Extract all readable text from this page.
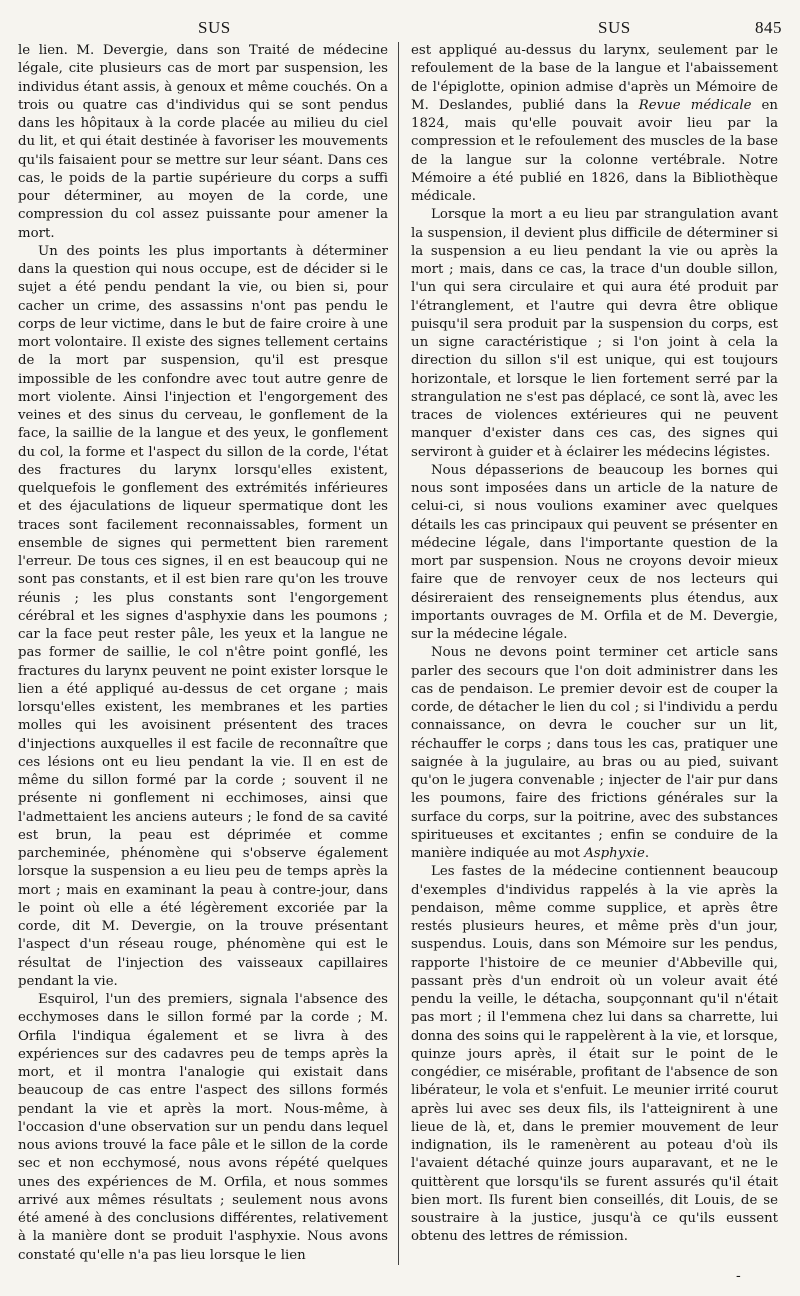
SUS	SUS	845

le lien. M. Devergie, dans son Traité de médecine légale, cite plusieurs cas de mort par suspension, les individus étant assis, à genoux et même couchés. On a trois ou quatre cas d'individus qui se sont pendus dans les hôpitaux à la corde placée au milieu du ciel du lit, et qui était destinée à favoriser les mouvements qu'ils faisaient pour se mettre sur leur séant. Dans ces cas, le poids de la partie supérieure du corps a suffi pour déterminer, au moyen de la corde, une compression du col assez puissante pour amener la mort.

Un des points les plus importants à déterminer dans la question qui nous occupe, est de décider si le sujet a été pendu pendant la vie, ou bien si, pour cacher un crime, des assassins n'ont pas pendu le corps de leur victime, dans le but de faire croire à une mort volontaire. Il existe des signes tellement certains de la mort par suspension, qu'il est presque impossible de les confondre avec tout autre genre de mort violente. Ainsi l'injection et l'engorgement des veines et des sinus du cerveau, le gonflement de la face, la saillie de la langue et des yeux, le gonflement du col, la forme et l'aspect du sillon de la corde, l'état des fractures du larynx lorsqu'elles existent, quelquefois le gonflement des extrémités inférieures et des éjaculations de liqueur spermatique dont les traces sont facilement reconnaissables, forment un ensemble de signes qui permettent bien rarement l'erreur. De tous ces signes, il en est beaucoup qui ne sont pas constants, et il est bien rare qu'on les trouve réunis ; les plus constants sont l'engorgement cérébral et les signes d'asphyxie dans les poumons ; car la face peut rester pâle, les yeux et la langue ne pas former de saillie, le col n'être point gonflé, les fractures du larynx peuvent ne point exister lorsque le lien a été appliqué au-dessus de cet organe ; mais lorsqu'elles existent, les membranes et les parties molles qui les avoisinent présentent des traces d'injections auxquelles il est facile de reconnaître que ces lésions ont eu lieu pendant la vie. Il en est de même du sillon formé par la corde ; souvent il ne présente ni gonflement ni ecchimoses, ainsi que l'admettaient les anciens auteurs ; le fond de sa cavité est brun, la peau est déprimée et comme parcheminée, phénomène qui s'observe également lorsque la suspension a eu lieu peu de temps après la mort ; mais en examinant la peau à contre-jour, dans le point où elle a été légèrement excoriée par la corde, dit M. Devergie, on la trouve présentant l'aspect d'un réseau rouge, phénomène qui est le résultat de l'injection des vaisseaux capillaires pendant la vie.

Esquirol, l'un des premiers, signala l'absence des ecchymoses dans le sillon formé par la corde ; M. Orfila l'indiqua également et se livra à des expériences sur des cadavres peu de temps après la mort, et il montra l'analogie qui existait dans beaucoup de cas entre l'aspect des sillons formés pendant la vie et après la mort. Nous-même, à l'occasion d'une observation sur un pendu dans lequel nous avions trouvé la face pâle et le sillon de la corde sec et non ecchymosé, nous avons répété quelques unes des expériences de M. Orfila, et nous sommes arrivé aux mêmes résultats ; seulement nous avons été amené à des conclusions différentes, relativement à la manière dont se produit l'asphyxie. Nous avons constaté qu'elle n'a pas lieu lorsque le lien

est appliqué au-dessus du larynx, seulement par le refoulement de la base de la langue et l'abaissement de l'épiglotte, opinion admise d'après un Mémoire de M. Deslandes, publié dans la Revue médicale en 1824, mais qu'elle pouvait avoir lieu par la compression et le refoulement des muscles de la base de la langue sur la colonne vertébrale. Notre Mémoire a été publié en 1826, dans la Bibliothèque médicale.

Lorsque la mort a eu lieu par strangulation avant la suspension, il devient plus difficile de déterminer si la suspension a eu lieu pendant la vie ou après la mort ; mais, dans ce cas, la trace d'un double sillon, l'un qui sera circulaire et qui aura été produit par l'étranglement, et l'autre qui devra être oblique puisqu'il sera produit par la suspension du corps, est un signe caractéristique ; si l'on joint à cela la direction du sillon s'il est unique, qui est toujours horizontale, et lorsque le lien fortement serré par la strangulation ne s'est pas déplacé, ce sont là, avec les traces de violences extérieures qui ne peuvent manquer d'exister dans ces cas, des signes qui serviront à guider et à éclairer les médecins légistes.

Nous dépasserions de beaucoup les bornes qui nous sont imposées dans un article de la nature de celui-ci, si nous voulions examiner avec quelques détails les cas principaux qui peuvent se présenter en médecine légale, dans l'importante question de la mort par suspension. Nous ne croyons devoir mieux faire que de renvoyer ceux de nos lecteurs qui désireraient des renseignements plus étendus, aux importants ouvrages de M. Orfila et de M. Devergie, sur la médecine légale.

Nous ne devons point terminer cet article sans parler des secours que l'on doit administrer dans les cas de pendaison. Le premier devoir est de couper la corde, de détacher le lien du col ; si l'individu a perdu connaissance, on devra le coucher sur un lit, réchauffer le corps ; dans tous les cas, pratiquer une saignée à la jugulaire, au bras ou au pied, suivant qu'on le jugera convenable ; injecter de l'air pur dans les poumons, faire des frictions générales sur la surface du corps, sur la poitrine, avec des substances spiritueuses et excitantes ; enfin se conduire de la manière indiquée au mot Asphyxie.

Les fastes de la médecine contiennent beaucoup d'exemples d'individus rappelés à la vie après la pendaison, même comme supplice, et après être restés plusieurs heures, et même près d'un jour, suspendus. Louis, dans son Mémoire sur les pendus, rapporte l'histoire de ce meunier d'Abbeville qui, passant près d'un endroit où un voleur avait été pendu la veille, le détacha, soupçonnant qu'il n'était pas mort ; il l'emmena chez lui dans sa charrette, lui donna des soins qui le rappelèrent à la vie, et lorsque, quinze jours après, il était sur le point de le congédier, ce misérable, profitant de l'absence de son libérateur, le vola et s'enfuit. Le meunier irrité courut après lui avec ses deux fils, ils l'atteignirent à une lieue de là, et, dans le premier mouvement de leur indignation, ils le ramenèrent au poteau d'où ils l'avaient détaché quinze jours auparavant, et ne le quittèrent que lorsqu'ils se furent assurés qu'il était bien mort. Ils furent bien conseillés, dit Louis, de se soustraire à la justice, jusqu'à ce qu'ils eussent obtenu des lettres de rémission.

-
